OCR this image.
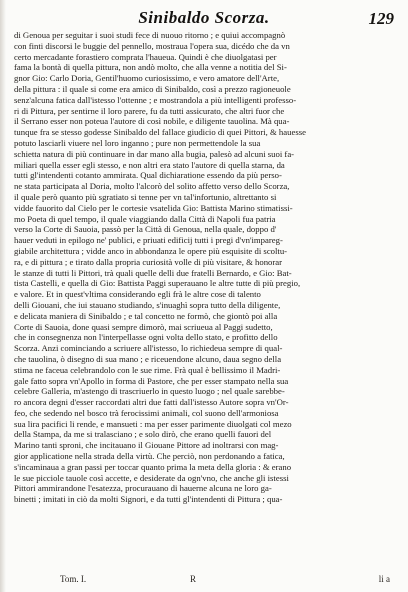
Sinibaldo Scorza.	129
di Genoua per seguitar i suoi studi fece di nuouo ritorno ; e quiui accompagnò
con finti discorsi le buggie del pennello, mostraua l'opera sua, dicédo che da vn
certo mercadante forastiero comprata l'haueua. Quindi è che diuolgatasi per
fama la bontà di quella pittura, non andò molto, che alla venne a notitia del Si-
gnor Gio: Carlo Doria, Gentil'huomo curiosissimo, e vero amatore dell'Arte,
della pittura : il quale si come era amico di Sinibaldo, così a prezzo ragioneuole
senz'alcuna fatica dall'istesso l'ottenne ; e mostrandola a più intelligenti professo-
ri di Pittura, per sentirne il loro parere, fu da tutti assicurato, che altri fuor che
il Serrano esser non poteua l'autore di così nobile, e diligente tauolina. Mà qua-
tunque fra se stesso godesse Sinibaldo del fallace giudicio di quei Pittori, & hauesse
potuto lasciarli viuere nel loro inganno ; pure non permettendole la sua
schietta natura di più continuare in dar mano alla bugia, palesò ad alcuni suoi fa-
miliari quella esser egli stesso, e non altri era stato l'autore di quella starna, da
tutti gl'intendenti cotanto ammirata. Qual dichiaratione essendo da più perso-
ne stata participata al Doria, molto l'alcorò del solito affetto verso dello Scorza,
il quale però quanto più sgratiato si tenne per vn tal'infortunio, altrettanto si
vidde fauorito dal Cielo per le cortesie vsatelida Gio: Battista Marino stimatissi-
mo Poeta di quel tempo, il quale viaggiando dalla Città di Napoli fua patria
verso la Corte di Sauoia, passò per la Città di Genoua, nella quale, doppo d'
hauer veduti in epilogo ne' publici, e priuati edificij tutti i pregi d'vn'impareg-
giabile architettura ; vidde anco in abbondanza le opere più esquisite di scoltu-
ra, e di pittura ; e tirato dalla propria curiosità volle di più visitare, & honorar
le stanze di tutti li Pittori, trà quali quelle delli due fratelli Bernardo, e Gio: Bat-
tista Castelli, e quella di Gio: Battista Paggi superauano le altre tutte di più pregio,
e valore. Et in quest'vltima considerando egli frà le altre cose di talento
delli Giouani, che iui stauano studiando, s'inuaghì sopra tutto della diligente,
e delicata maniera di Sinibaldo ; e tal concetto ne formò, che giontò poi alla
Corte di Sauoia, done quasi sempre dimorò, mai scriueua al Paggi sudetto,
che in consegnenza non l'interpellasse ogni volta dello stato, e profitto dello
Scorza. Anzi cominciando a scriuere all'istesso, lo richiedeua sempre di qual-
che tauolina, ò disegno di sua mano ; e riceuendone alcuno, daua segno della
stima ne faceua celebrandolo con le sue rime. Frà qual è bellissimo il Madri-
gale fatto sopra vn'Apollo in forma di Pastore, che per esser stampato nella sua
celebre Galleria, m'astengo di trascriuerlo in questo luogo ; nel quale sarebbe-
ro ancora degni d'esser raccordati altri due fatti dall'istesso Autore sopra vn'Or-
feo, che sedendo nel bosco trà ferocissimi animali, col suono dell'armoniosa
sua lira pacifici li rende, e mansueti : ma per esser parimente diuolgati col mezo
della Stampa, da me si tralasciano ; e solo dirò, che erano quelli fauori del
Marino tanti sproni, che incitauano il Giouane Pittore ad inoltrarsi con mag-
gior applicatione nella strada della virtù. Che perciò, non perdonando a fatica,
s'incaminaua a gran passi per toccar quanto prima la meta della gloria : & erano
le sue picciole tauole così accette, e desiderate da ogn'vno, che anche gli istessi
Pittori ammirandone l'esatezza, procurauano di hauerne alcuna ne loro ga-
binetti ; imitati in ciò da molti Signori, e da tutti gl'intendenti di Pittura ; qua-
Tom. I.	R	li a
